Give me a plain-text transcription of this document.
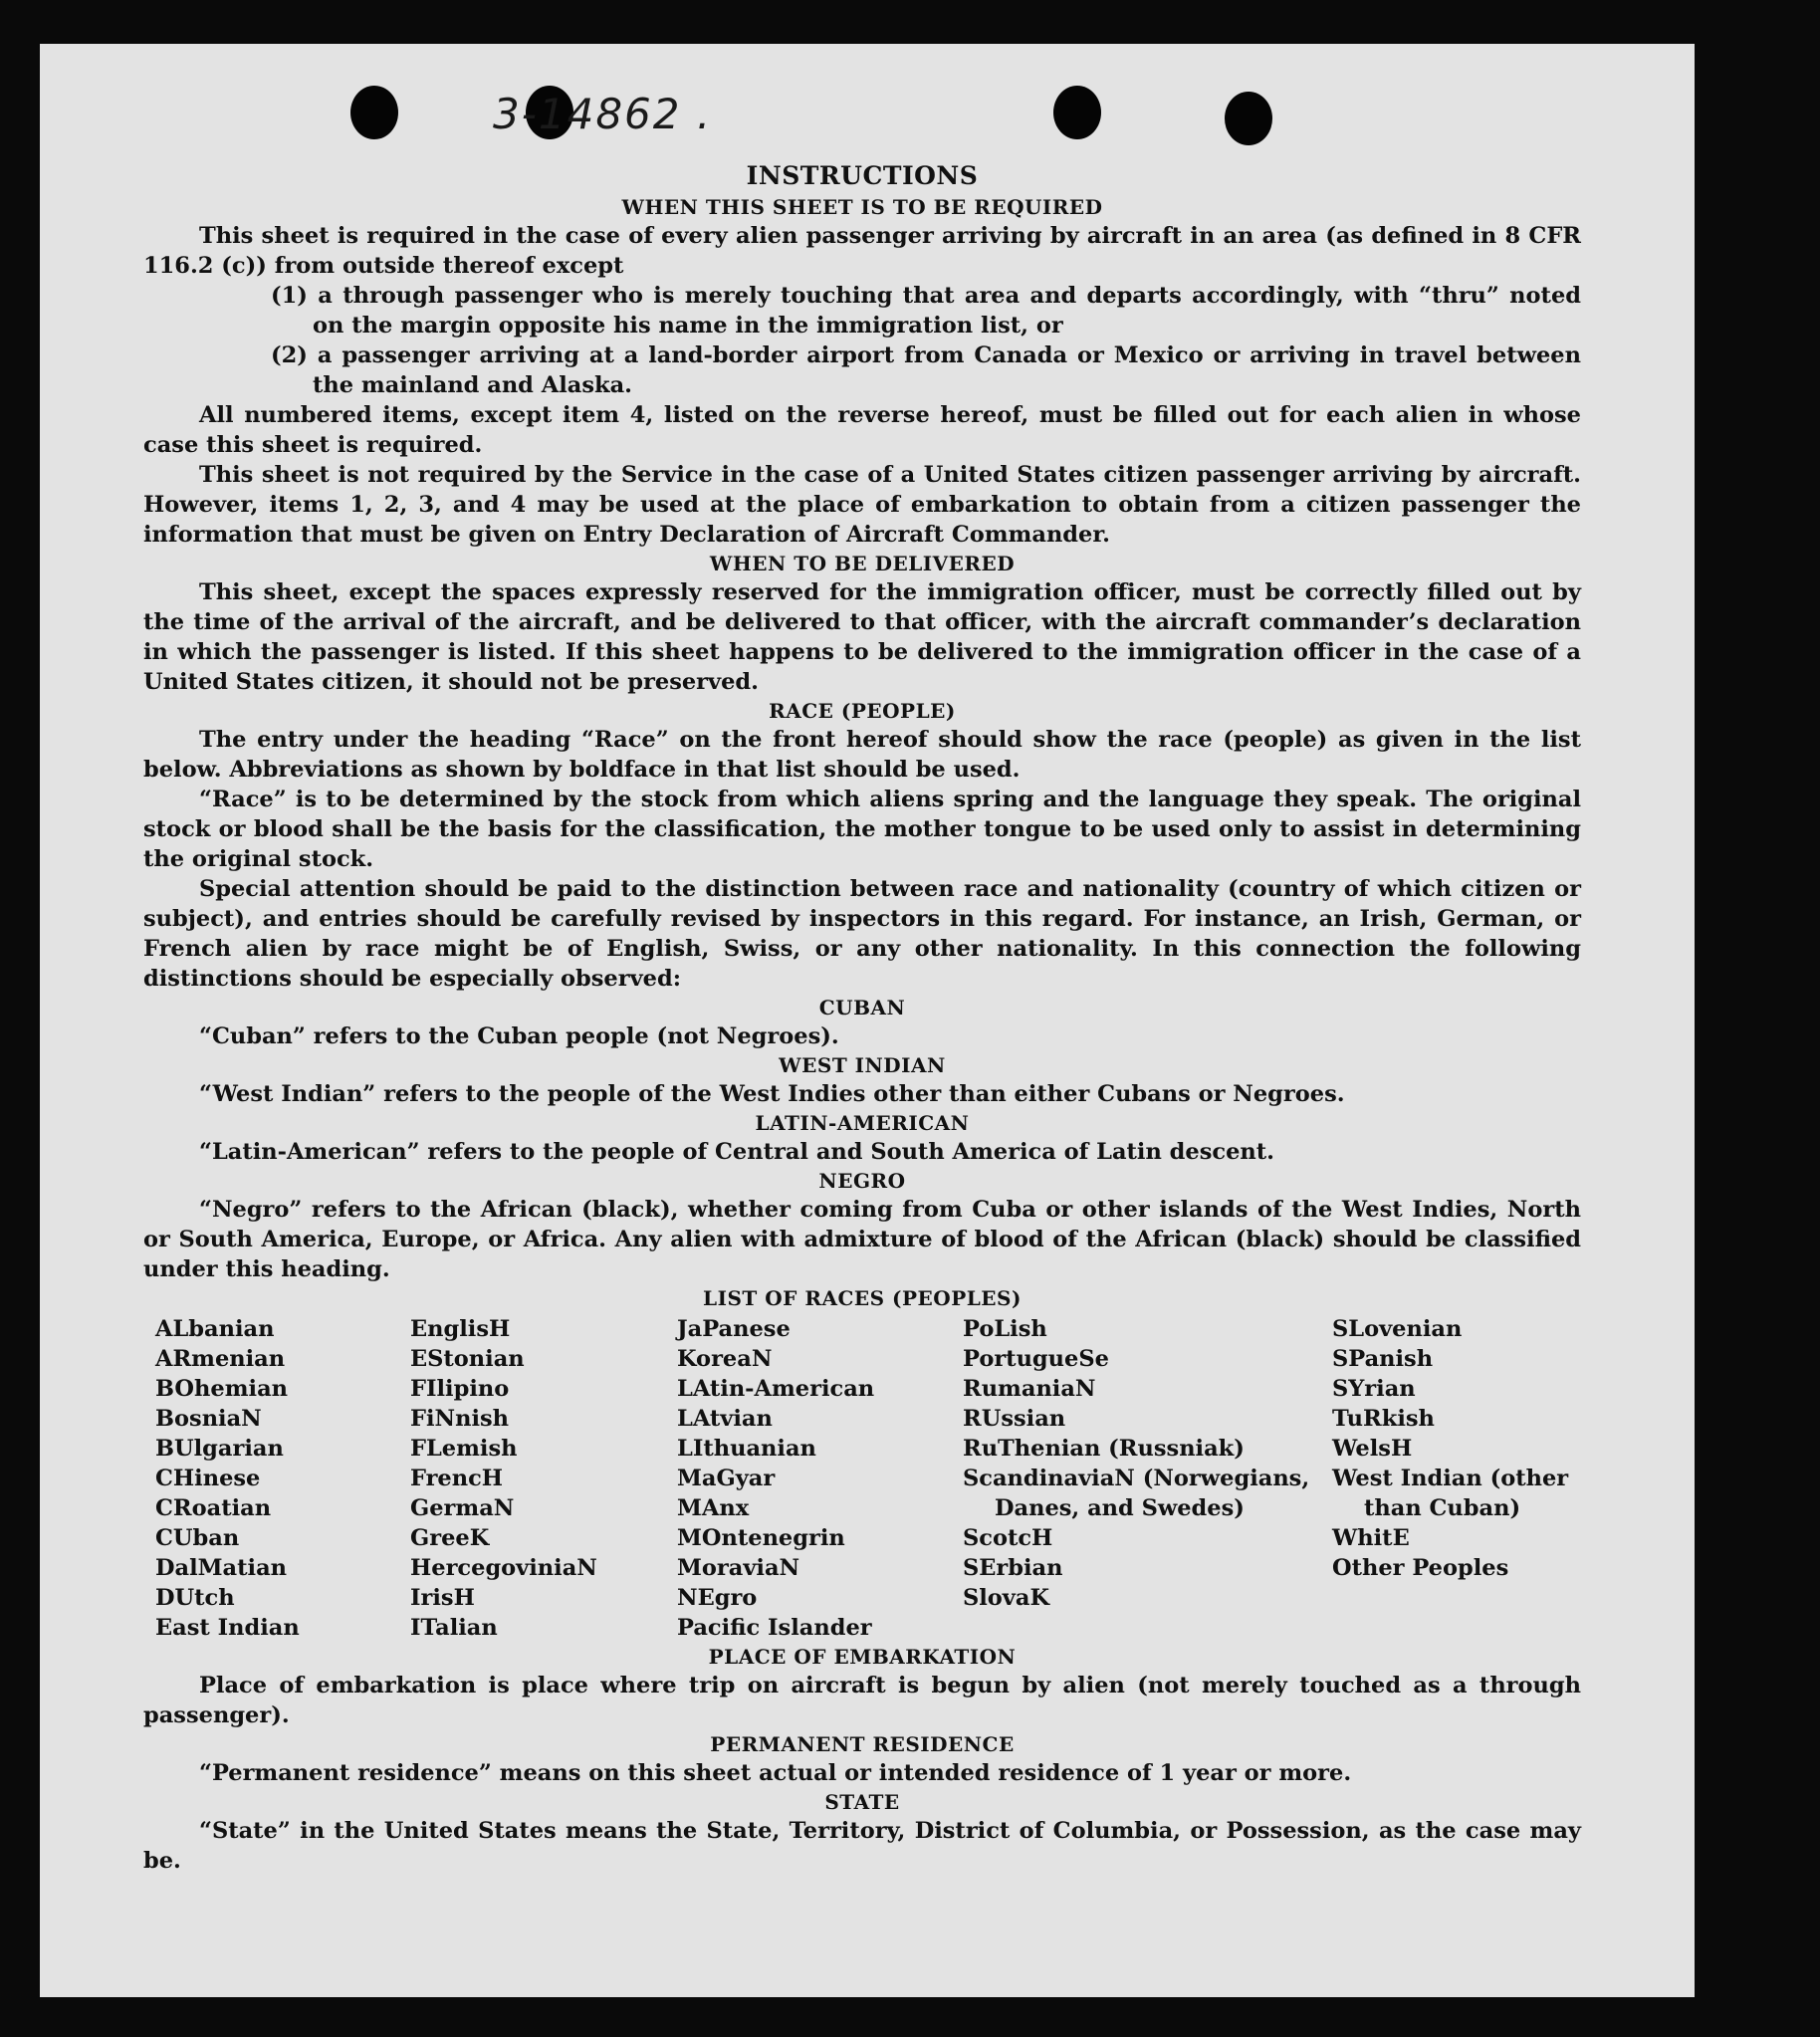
3-14862 .
INSTRUCTIONS
WHEN THIS SHEET IS TO BE REQUIRED

This sheet is required in the case of every alien passenger arriving by aircraft in an area (as defined in 8 CFR 116.2 (c)) from outside thereof except

(1) a through passenger who is merely touching that area and departs accordingly, with “thru” noted on the margin opposite his name in the immigration list, or

(2) a passenger arriving at a land-border airport from Canada or Mexico or arriving in travel between the mainland and Alaska.

All numbered items, except item 4, listed on the reverse hereof, must be filled out for each alien in whose case this sheet is required.

This sheet is not required by the Service in the case of a United States citizen passenger arriving by aircraft. However, items 1, 2, 3, and 4 may be used at the place of embarkation to obtain from a citizen passenger the information that must be given on Entry Declaration of Aircraft Commander.

WHEN TO BE DELIVERED

This sheet, except the spaces expressly reserved for the immigration officer, must be correctly filled out by the time of the arrival of the aircraft, and be delivered to that officer, with the aircraft commander’s declaration in which the passenger is listed. If this sheet happens to be delivered to the immigration officer in the case of a United States citizen, it should not be preserved.

RACE (PEOPLE)

The entry under the heading “Race” on the front hereof should show the race (people) as given in the list below. Abbreviations as shown by boldface in that list should be used.

“Race” is to be determined by the stock from which aliens spring and the language they speak. The original stock or blood shall be the basis for the classification, the mother tongue to be used only to assist in determining the original stock.

Special attention should be paid to the distinction between race and nationality (country of which citizen or subject), and entries should be carefully revised by inspectors in this regard. For instance, an Irish, German, or French alien by race might be of English, Swiss, or any other nationality. In this connection the following distinctions should be especially observed:

CUBAN

“Cuban” refers to the Cuban people (not Negroes).

WEST INDIAN

“West Indian” refers to the people of the West Indies other than either Cubans or Negroes.

LATIN-AMERICAN

“Latin-American” refers to the people of Central and South America of Latin descent.

NEGRO

“Negro” refers to the African (black), whether coming from Cuba or other islands of the West Indies, North or South America, Europe, or Africa. Any alien with admixture of blood of the African (black) should be classified under this heading.

LIST OF RACES (PEOPLES)
ALbanian
ARmenian
BOhemian
BosniaN
BUlgarian
CHinese
CRoatian
CUban
DalMatian
DUtch
East Indian
EnglisH
EStonian
FIlipino
FiNnish
FLemish
FrencH
GermaN
GreeK
HercegoviniaN
IrisH
ITalian
JaPanese
KoreaN
LAtin-American
LAtvian
LIthuanian
MaGyar
MAnx
MOntenegrin
MoraviaN
NEgro
Pacific Islander
PoLish
PortugueSe
RumaniaN
RUssian
RuThenian (Russniak)
ScandinaviaN (Norwegians, Danes, and Swedes)
ScotcH
SErbian
SlovaK
SLovenian
SPanish
SYrian
TuRkish
WelsH
West Indian (other than Cuban)
WhitE
Other Peoples
PLACE OF EMBARKATION

Place of embarkation is place where trip on aircraft is begun by alien (not merely touched as a through passenger).

PERMANENT RESIDENCE

“Permanent residence” means on this sheet actual or intended residence of 1 year or more.

STATE

“State” in the United States means the State, Territory, District of Columbia, or Possession, as the case may be.
